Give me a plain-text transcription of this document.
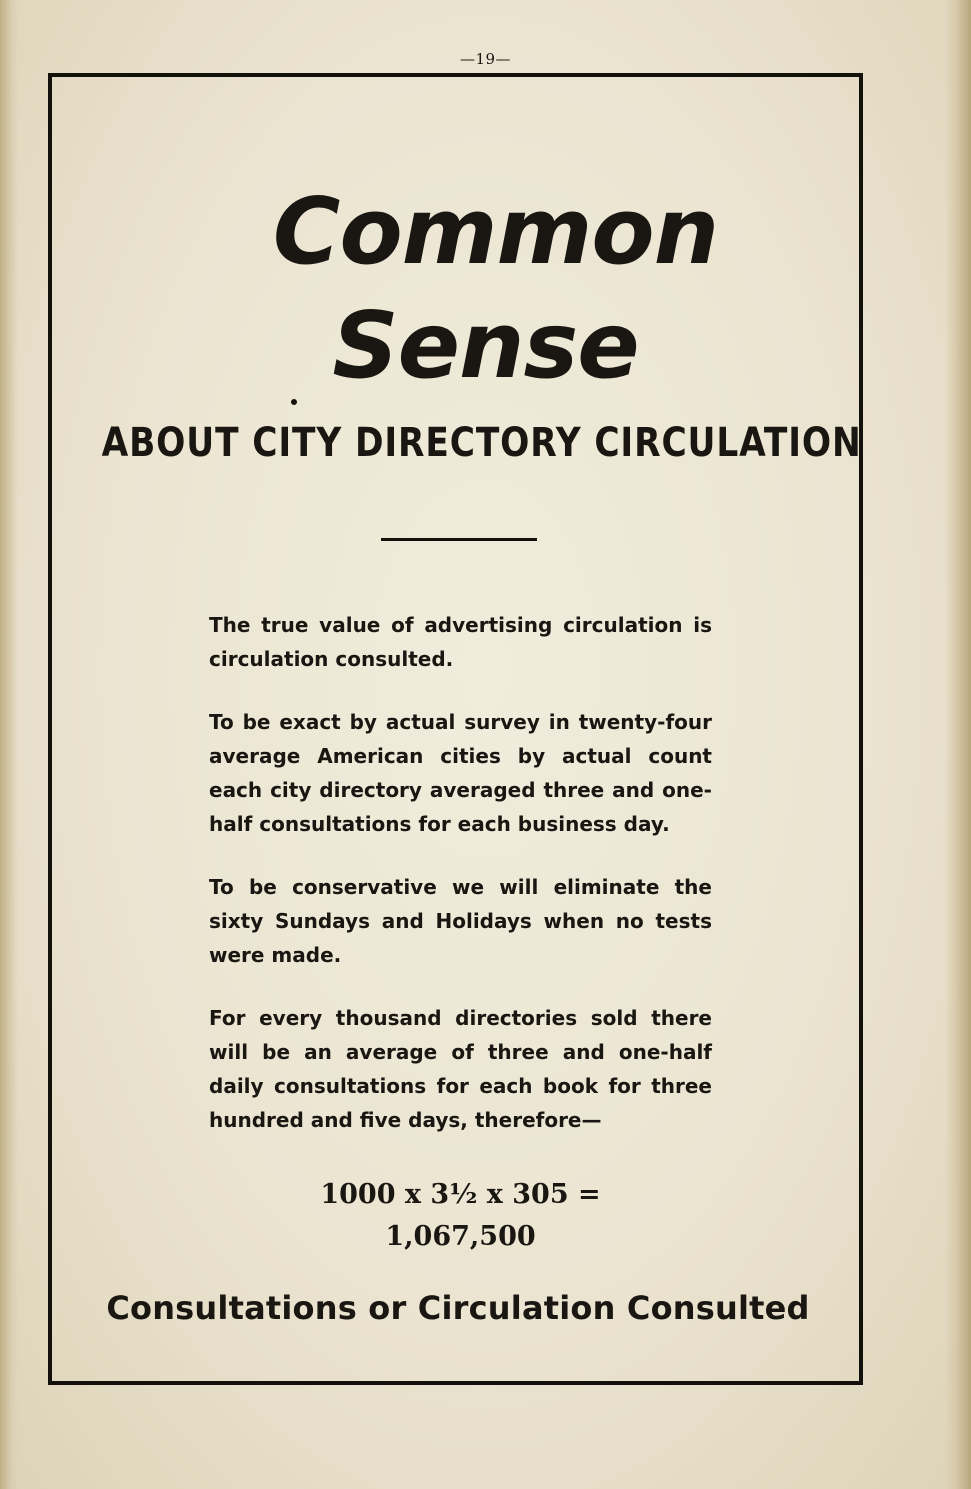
—19—
Common
Sense
ABOUT CITY DIRECTORY CIRCULATION

The true value of advertising circulation is circulation consulted.

To be exact by actual survey in twenty-four average American cities by actual count each city directory averaged three and one-half consultations for each business day.

To be conservative we will eliminate the sixty Sundays and Holidays when no tests were made.

For every thousand directories sold there will be an average of three and one-half daily consultations for each book for three hundred and five days, therefore—

1000 x 3½ x 305 =
1,067,500
Consultations or Circulation Consulted
